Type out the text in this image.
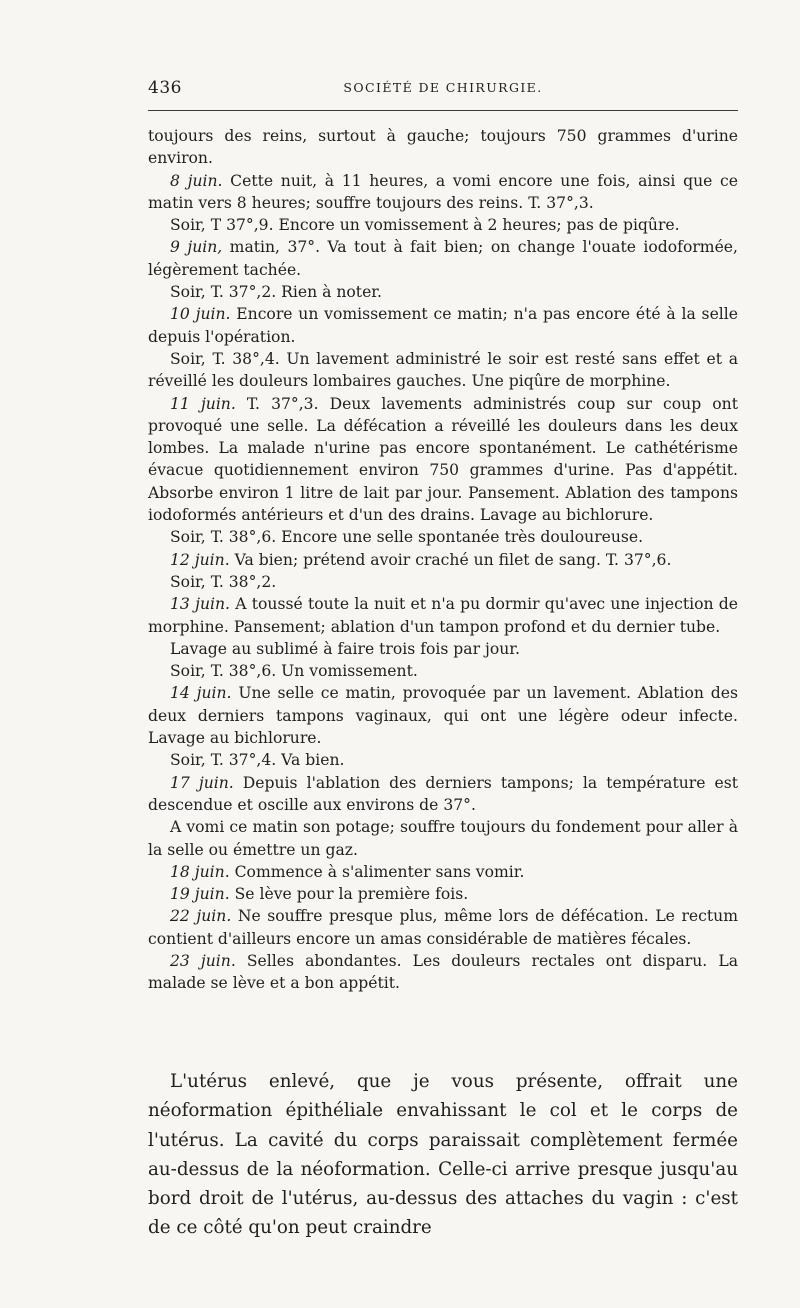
436	SOCIÉTÉ DE CHIRURGIE.

toujours des reins, surtout à gauche; toujours 750 grammes d'urine environ.

8 juin. Cette nuit, à 11 heures, a vomi encore une fois, ainsi que ce matin vers 8 heures; souffre toujours des reins. T. 37°,3.

Soir, T 37°,9. Encore un vomissement à 2 heures; pas de piqûre.

9 juin, matin, 37°. Va tout à fait bien; on change l'ouate iodoformée, légèrement tachée.

Soir, T. 37°,2. Rien à noter.

10 juin. Encore un vomissement ce matin; n'a pas encore été à la selle depuis l'opération.

Soir, T. 38°,4. Un lavement administré le soir est resté sans effet et a réveillé les douleurs lombaires gauches. Une piqûre de morphine.

11 juin. T. 37°,3. Deux lavements administrés coup sur coup ont provoqué une selle. La défécation a réveillé les douleurs dans les deux lombes. La malade n'urine pas encore spontanément. Le cathétérisme évacue quotidiennement environ 750 grammes d'urine. Pas d'appétit. Absorbe environ 1 litre de lait par jour. Pansement. Ablation des tampons iodoformés antérieurs et d'un des drains. Lavage au bichlorure.

Soir, T. 38°,6. Encore une selle spontanée très douloureuse.

12 juin. Va bien; prétend avoir craché un filet de sang. T. 37°,6.

Soir, T. 38°,2.

13 juin. A toussé toute la nuit et n'a pu dormir qu'avec une injection de morphine. Pansement; ablation d'un tampon profond et du dernier tube.

Lavage au sublimé à faire trois fois par jour.

Soir, T. 38°,6. Un vomissement.

14 juin. Une selle ce matin, provoquée par un lavement. Ablation des deux derniers tampons vaginaux, qui ont une légère odeur infecte. Lavage au bichlorure.

Soir, T. 37°,4. Va bien.

17 juin. Depuis l'ablation des derniers tampons; la température est descendue et oscille aux environs de 37°.

A vomi ce matin son potage; souffre toujours du fondement pour aller à la selle ou émettre un gaz.

18 juin. Commence à s'alimenter sans vomir.

19 juin. Se lève pour la première fois.

22 juin. Ne souffre presque plus, même lors de défécation. Le rectum contient d'ailleurs encore un amas considérable de matières fécales.

23 juin. Selles abondantes. Les douleurs rectales ont disparu. La malade se lève et a bon appétit.

L'utérus enlevé, que je vous présente, offrait une néoformation épithéliale envahissant le col et le corps de l'utérus. La cavité du corps paraissait complètement fermée au-dessus de la néoformation. Celle-ci arrive presque jusqu'au bord droit de l'utérus, au-dessus des attaches du vagin : c'est de ce côté qu'on peut craindre
